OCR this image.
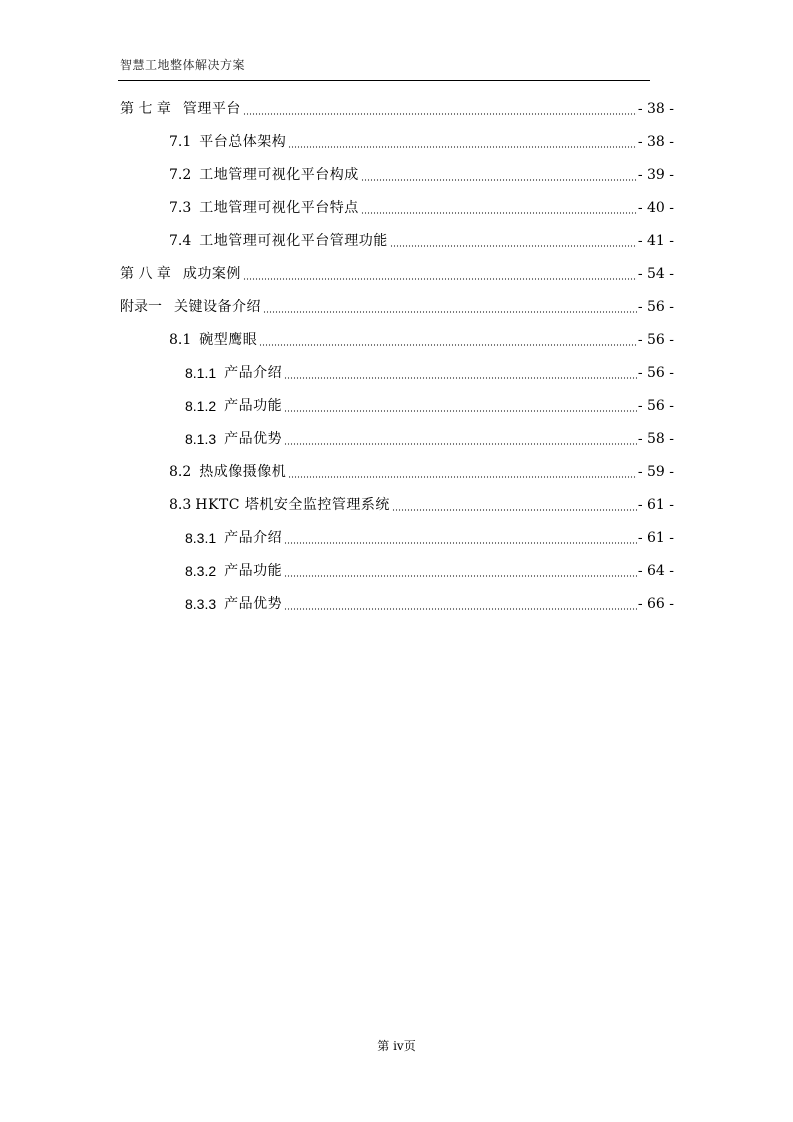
智慧工地整体解决方案
第 七 章 管理平台	- 38 -
7.1 平台总体架构	- 38 -
7.2 工地管理可视化平台构成	- 39 -
7.3 工地管理可视化平台特点	- 40 -
7.4 工地管理可视化平台管理功能	- 41 -
第 八 章 成功案例	- 54 -
附录一 关键设备介绍	- 56 -
8.1 碗型鹰眼	- 56 -
8.1.1 产品介绍	- 56 -
8.1.2 产品功能	- 56 -
8.1.3 产品优势	- 58 -
8.2 热成像摄像机	- 59 -
8.3 HKTC 塔机安全监控管理系统	- 61 -
8.3.1 产品介绍	- 61 -
8.3.2 产品功能	- 64 -
8.3.3 产品优势	- 66 -
第 iv页
